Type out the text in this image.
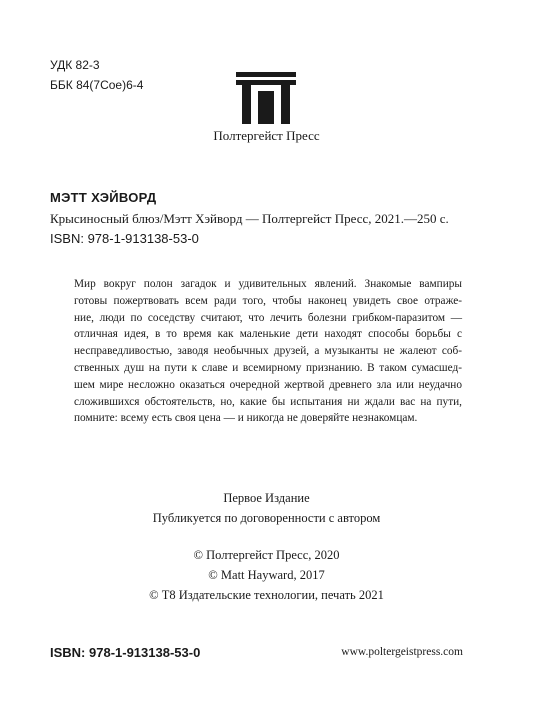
УДК 82-3
ББК 84(7Сое)6-4
Полтергейст Пресс
МЭТТ ХЭЙВОРД
Крысиносный блюз/Мэтт Хэйворд — Полтергейст Пресс, 2021.—250 с.
ISBN: 978-1-913138-53-0
Мир вокруг полон загадок и удивительных явлений. Знакомые вампиры
готовы пожертвовать всем ради того, чтобы наконец увидеть свое отраже-
ние, люди по соседству считают, что лечить болезни грибком-паразитом —
отличная идея, в то время как маленькие дети находят способы борьбы с
несправедливостью, заводя необычных друзей, а музыканты не жалеют соб-
ственных душ на пути к славе и всемирному признанию. В таком сумасшед-
шем мире несложно оказаться очередной жертвой древнего зла или неудачно
сложившихся обстоятельств, но, какие бы испытания ни ждали вас на пути,
помните: всему есть своя цена — и никогда не доверяйте незнакомцам.
Первое Издание
Публикуется по договоренности с автором
© Полтергейст Пресс, 2020
© Matt Hayward, 2017
© Т8 Издательские технологии, печать 2021
ISBN: 978-1-913138-53-0	www.poltergeistpress.com
